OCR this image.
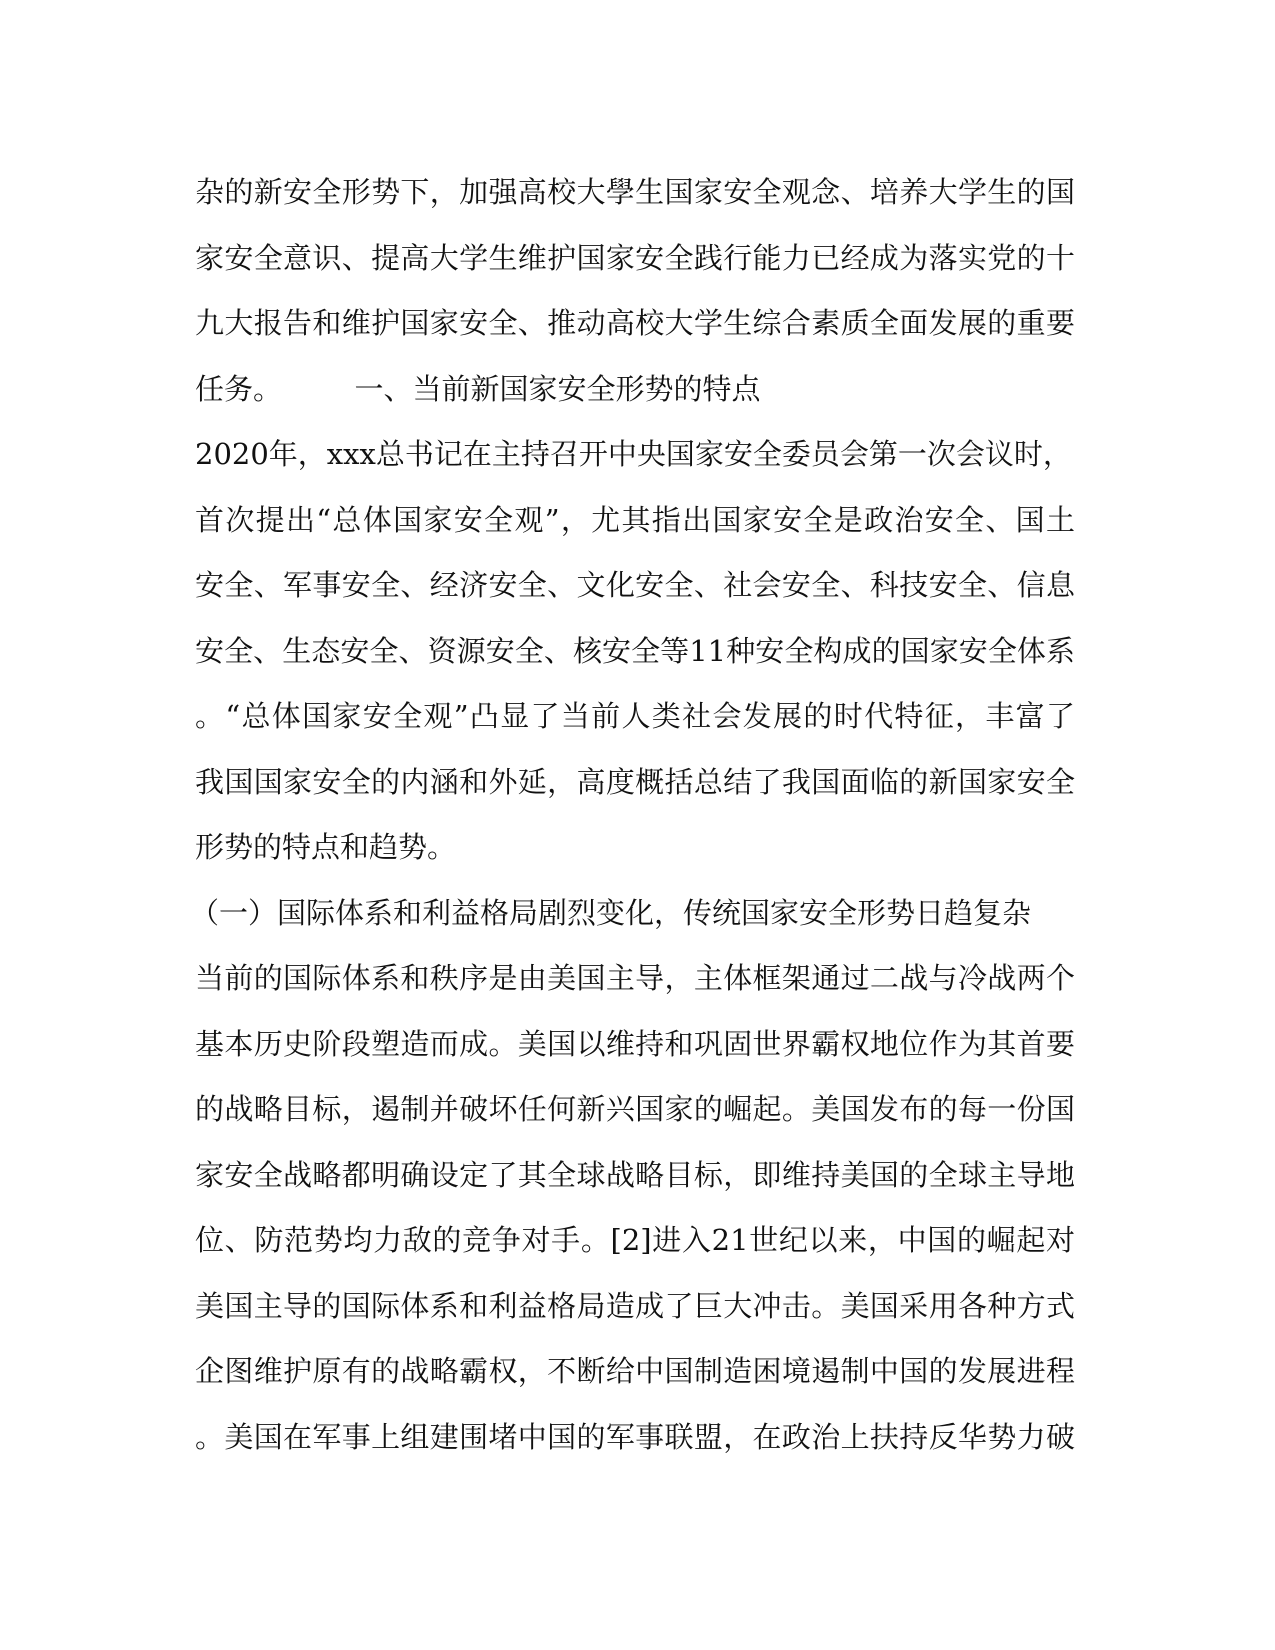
杂的新安全形势下，加强高校大學生国家安全观念、培养大学生的国
家安全意识、提高大学生维护国家安全践行能力已经成为落实党的十
九大报告和维护国家安全、推动高校大学生综合素质全面发展的重要
任务。　　　一、当前新国家安全形势的特点
2020年，xxx总书记在主持召开中央国家安全委员会第一次会议时，
首次提出“总体国家安全观”，尤其指出国家安全是政治安全、国土
安全、军事安全、经济安全、文化安全、社会安全、科技安全、信息
安全、生态安全、资源安全、核安全等11种安全构成的国家安全体系
。“总体国家安全观”凸显了当前人类社会发展的时代特征，丰富了
我国国家安全的内涵和外延，高度概括总结了我国面临的新国家安全
形势的特点和趋势。
（一）国际体系和利益格局剧烈变化，传统国家安全形势日趋复杂
当前的国际体系和秩序是由美国主导，主体框架通过二战与冷战两个
基本历史阶段塑造而成。美国以维持和巩固世界霸权地位作为其首要
的战略目标，遏制并破坏任何新兴国家的崛起。美国发布的每一份国
家安全战略都明确设定了其全球战略目标，即维持美国的全球主导地
位、防范势均力敌的竞争对手。[2]进入21世纪以来，中国的崛起对
美国主导的国际体系和利益格局造成了巨大冲击。美国采用各种方式
企图维护原有的战略霸权，不断给中国制造困境遏制中国的发展进程
。美国在军事上组建围堵中国的军事联盟，在政治上扶持反华势力破
